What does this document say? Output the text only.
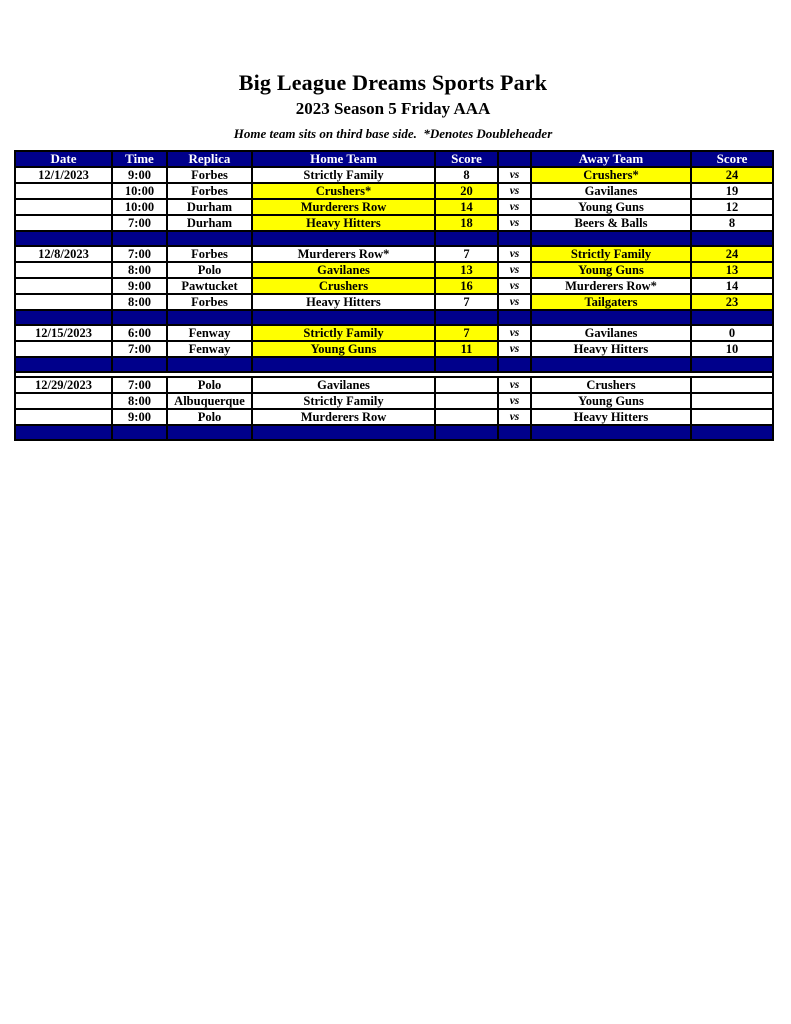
Big League Dreams Sports Park
2023 Season 5 Friday AAA
Home team sits on third base side.  *Denotes Doubleheader
Date	Time	Replica	Home Team	Score		Away Team	Score
12/1/2023	9:00	Forbes	Strictly Family	8	vs	Crushers*	24
	10:00	Forbes	Crushers*	20	vs	Gavilanes	19
	10:00	Durham	Murderers Row	14	vs	Young Guns	12
	7:00	Durham	Heavy Hitters	18	vs	Beers & Balls	8

12/8/2023	7:00	Forbes	Murderers Row*	7	vs	Strictly Family	24
	8:00	Polo	Gavilanes	13	vs	Young Guns	13
	9:00	Pawtucket	Crushers	16	vs	Murderers Row*	14
	8:00	Forbes	Heavy Hitters	7	vs	Tailgaters	23

12/15/2023	6:00	Fenway	Strictly Family	7	vs	Gavilanes	0
	7:00	Fenway	Young Guns	11	vs	Heavy Hitters	10

12/29/2023	7:00	Polo	Gavilanes		vs	Crushers	
	8:00	Albuquerque	Strictly Family		vs	Young Guns	
	9:00	Polo	Murderers Row		vs	Heavy Hitters	
